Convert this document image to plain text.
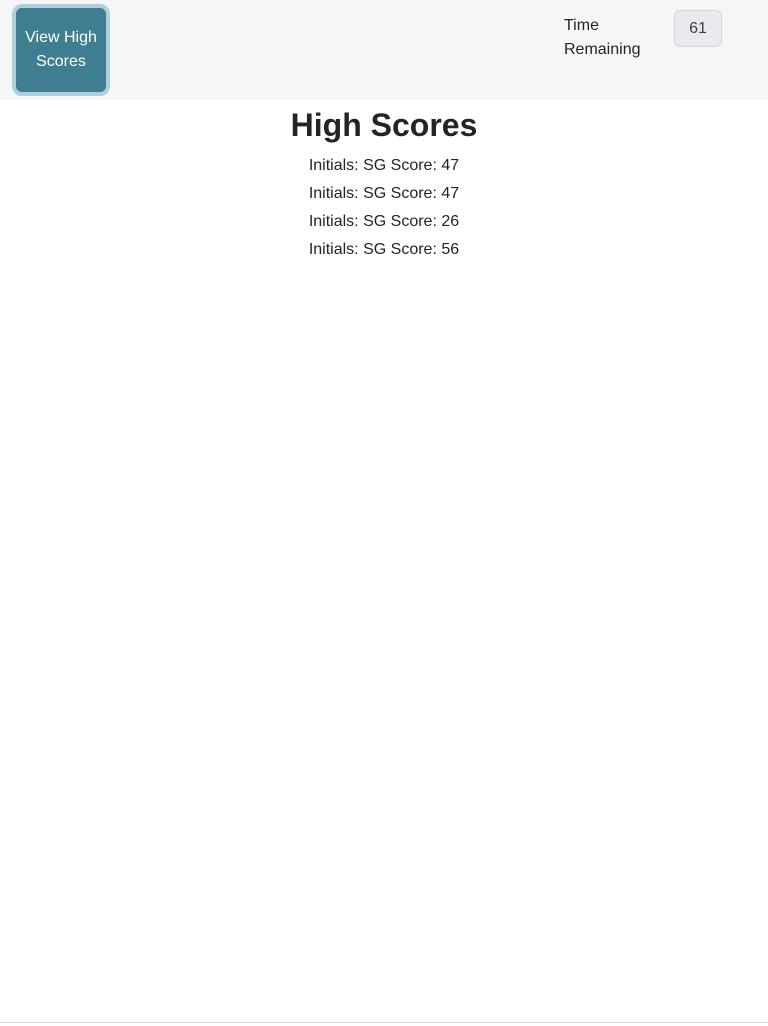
View High Scores
Time Remaining
61
High Scores
Initials: SG Score: 47
Initials: SG Score: 47
Initials: SG Score: 26
Initials: SG Score: 56
